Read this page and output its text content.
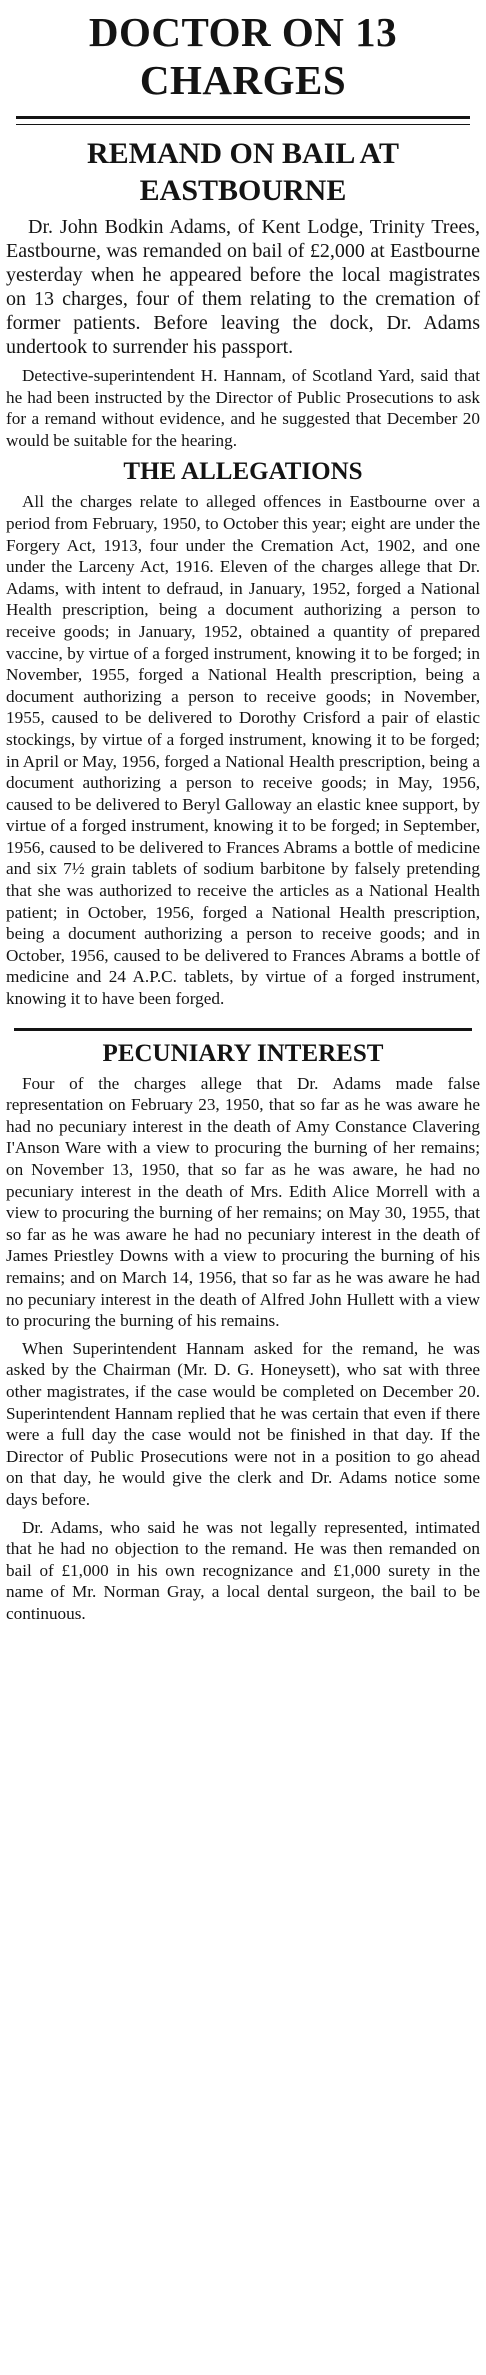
DOCTOR ON 13 CHARGES
REMAND ON BAIL AT EASTBOURNE

Dr. John Bodkin Adams, of Kent Lodge, Trinity Trees, Eastbourne, was remanded on bail of £2,000 at Eastbourne yesterday when he appeared before the local magistrates on 13 charges, four of them relating to the cremation of former patients. Before leaving the dock, Dr. Adams undertook to surrender his passport.

Detective-superintendent H. Hannam, of Scotland Yard, said that he had been instructed by the Director of Public Prosecutions to ask for a remand without evidence, and he suggested that December 20 would be suitable for the hearing.

THE ALLEGATIONS

All the charges relate to alleged offences in Eastbourne over a period from February, 1950, to October this year; eight are under the Forgery Act, 1913, four under the Cremation Act, 1902, and one under the Larceny Act, 1916. Eleven of the charges allege that Dr. Adams, with intent to defraud, in January, 1952, forged a National Health prescription, being a document authorizing a person to receive goods; in January, 1952, obtained a quantity of prepared vaccine, by virtue of a forged instrument, knowing it to be forged; in November, 1955, forged a National Health prescription, being a document authorizing a person to receive goods; in November, 1955, caused to be delivered to Dorothy Crisford a pair of elastic stockings, by virtue of a forged instrument, knowing it to be forged; in April or May, 1956, forged a National Health prescription, being a document authorizing a person to receive goods; in May, 1956, caused to be delivered to Beryl Galloway an elastic knee support, by virtue of a forged instrument, knowing it to be forged; in September, 1956, caused to be delivered to Frances Abrams a bottle of medicine and six 7½ grain tablets of sodium barbitone by falsely pretending that she was authorized to receive the articles as a National Health patient; in October, 1956, forged a National Health prescription, being a document authorizing a person to receive goods; and in October, 1956, caused to be delivered to Frances Abrams a bottle of medicine and 24 A.P.C. tablets, by virtue of a forged instrument, knowing it to have been forged.

PECUNIARY INTEREST

Four of the charges allege that Dr. Adams made false representation on February 23, 1950, that so far as he was aware he had no pecuniary interest in the death of Amy Constance Clavering I'Anson Ware with a view to procuring the burning of her remains; on November 13, 1950, that so far as he was aware, he had no pecuniary interest in the death of Mrs. Edith Alice Morrell with a view to procuring the burning of her remains; on May 30, 1955, that so far as he was aware he had no pecuniary interest in the death of James Priestley Downs with a view to procuring the burning of his remains; and on March 14, 1956, that so far as he was aware he had no pecuniary interest in the death of Alfred John Hullett with a view to procuring the burning of his remains.

When Superintendent Hannam asked for the remand, he was asked by the Chairman (Mr. D. G. Honeysett), who sat with three other magistrates, if the case would be completed on December 20. Superintendent Hannam replied that he was certain that even if there were a full day the case would not be finished in that day. If the Director of Public Prosecutions were not in a position to go ahead on that day, he would give the clerk and Dr. Adams notice some days before.

Dr. Adams, who said he was not legally represented, intimated that he had no objection to the remand. He was then remanded on bail of £1,000 in his own recognizance and £1,000 surety in the name of Mr. Norman Gray, a local dental surgeon, the bail to be continuous.
